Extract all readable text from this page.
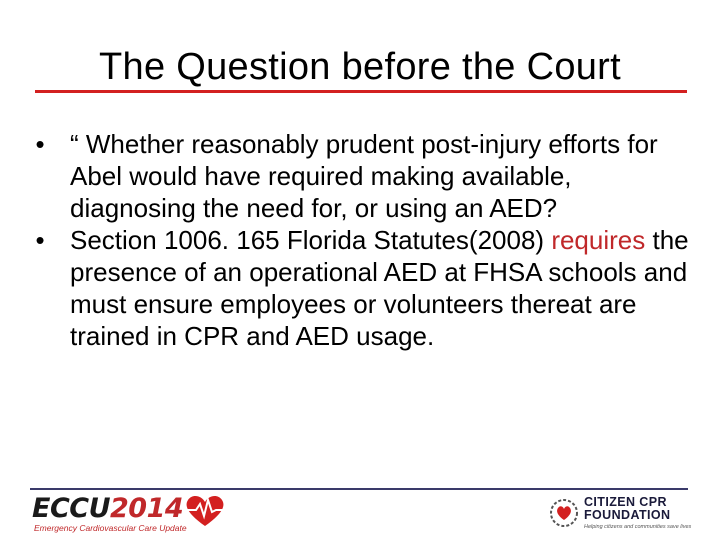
The Question before the Court
• “ Whether reasonably prudent post-injury efforts for Abel would have required making available, diagnosing the need for, or using an AED?
• Section 1006. 165 Florida Statutes(2008) requires the presence of an operational AED at FHSA schools and must ensure employees or volunteers thereat are trained in CPR and AED usage.
ECCU2014
Emergency Cardiovascular Care Update
CITIZEN CPR
FOUNDATION
Helping citizens and communities save lives
